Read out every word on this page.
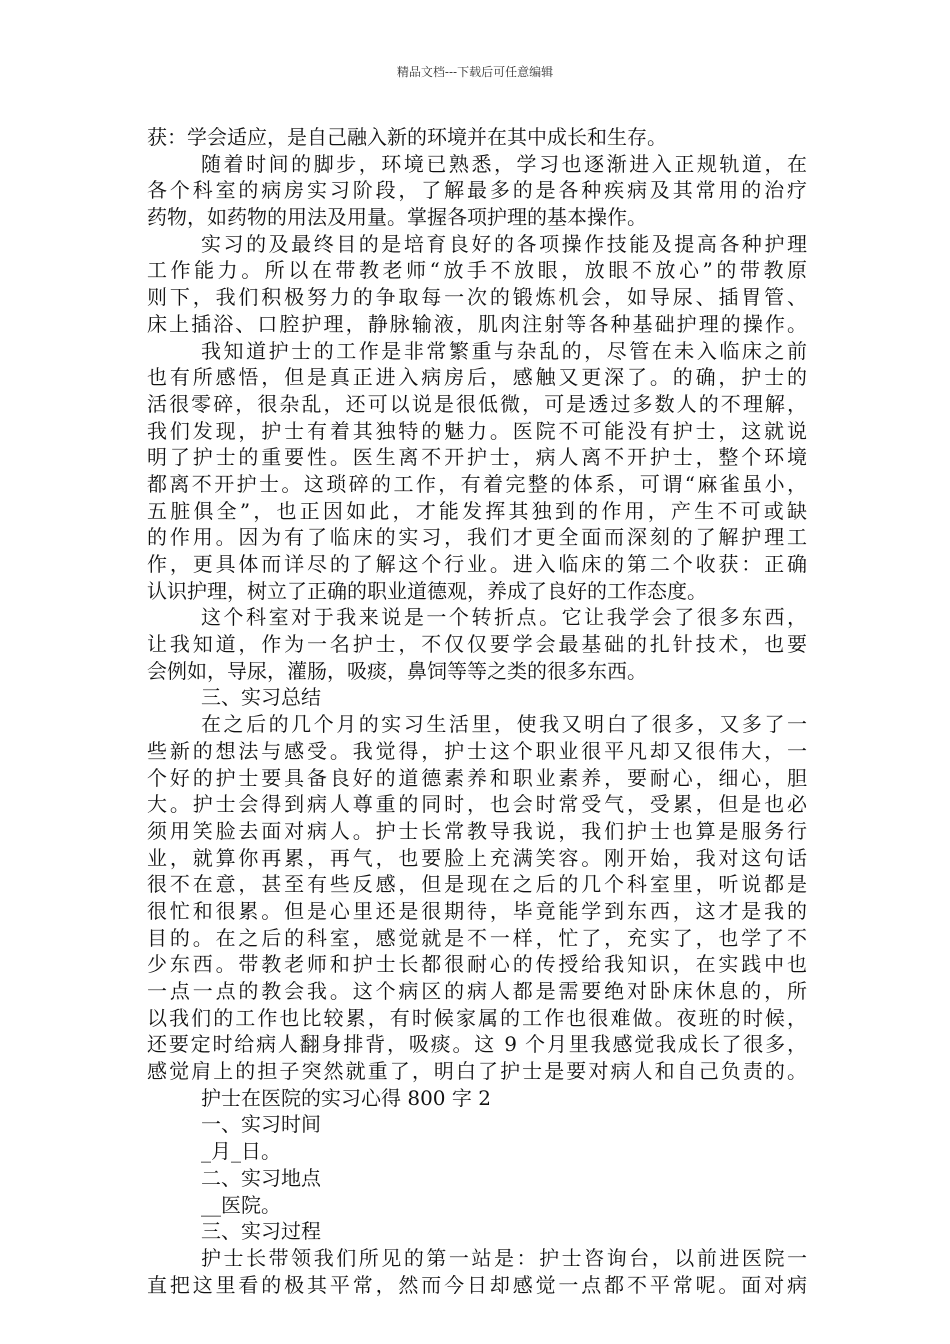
精品文档---下载后可任意编辑
获：学会适应，是自己融入新的环境并在其中成长和生存。
随着时间的脚步，环境已熟悉，学习也逐渐进入正规轨道，在
各个科室的病房实习阶段，了解最多的是各种疾病及其常用的治疗
药物，如药物的用法及用量。掌握各项护理的基本操作。
实习的及最终目的是培育良好的各项操作技能及提高各种护理
工作能力。所以在带教老师“放手不放眼，放眼不放心”的带教原
则下，我们积极努力的争取每一次的锻炼机会，如导尿、插胃管、
床上插浴、口腔护理，静脉输液，肌肉注射等各种基础护理的操作。
我知道护士的工作是非常繁重与杂乱的，尽管在未入临床之前
也有所感悟，但是真正进入病房后，感触又更深了。的确，护士的
活很零碎，很杂乱，还可以说是很低微，可是透过多数人的不理解，
我们发现，护士有着其独特的魅力。医院不可能没有护士，这就说
明了护士的重要性。医生离不开护士，病人离不开护士，整个环境
都离不开护士。这琐碎的工作，有着完整的体系，可谓“麻雀虽小，
五脏俱全”，也正因如此，才能发挥其独到的作用，产生不可或缺
的作用。因为有了临床的实习，我们才更全面而深刻的了解护理工
作，更具体而详尽的了解这个行业。进入临床的第二个收获：正确
认识护理，树立了正确的职业道德观，养成了良好的工作态度。
这个科室对于我来说是一个转折点。它让我学会了很多东西，
让我知道，作为一名护士，不仅仅要学会最基础的扎针技术，也要
会例如，导尿，灌肠，吸痰，鼻饲等等之类的很多东西。
三、实习总结
在之后的几个月的实习生活里，使我又明白了很多，又多了一
些新的想法与感受。我觉得，护士这个职业很平凡却又很伟大，一
个好的护士要具备良好的道德素养和职业素养，要耐心，细心，胆
大。护士会得到病人尊重的同时，也会时常受气，受累，但是也必
须用笑脸去面对病人。护士长常教导我说，我们护士也算是服务行
业，就算你再累，再气，也要脸上充满笑容。刚开始，我对这句话
很不在意，甚至有些反感，但是现在之后的几个科室里，听说都是
很忙和很累。但是心里还是很期待，毕竟能学到东西，这才是我的
目的。在之后的科室，感觉就是不一样，忙了，充实了，也学了不
少东西。带教老师和护士长都很耐心的传授给我知识，在实践中也
一点一点的教会我。这个病区的病人都是需要绝对卧床休息的，所
以我们的工作也比较累，有时候家属的工作也很难做。夜班的时候，
还要定时给病人翻身排背，吸痰。这 9 个月里我感觉我成长了很多，
感觉肩上的担子突然就重了，明白了护士是要对病人和自己负责的。
护士在医院的实习心得 800 字 2
一、实习时间
_月_日。
二、实习地点
__医院。
三、实习过程
护士长带领我们所见的第一站是：护士咨询台，以前进医院一
直把这里看的极其平常，然而今日却感觉一点都不平常呢。面对病
